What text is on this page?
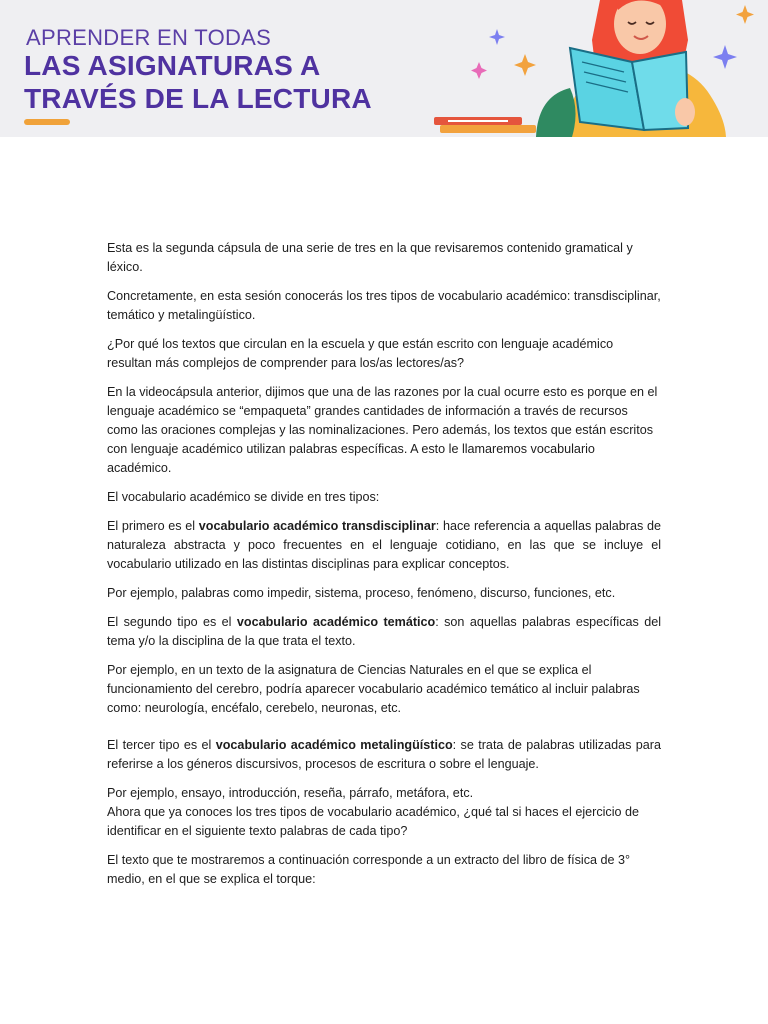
APRENDER EN TODAS
LAS ASIGNATURAS A
TRAVÉS DE LA LECTURA

Esta es la segunda cápsula de una serie de tres en la que revisaremos contenido gramatical y léxico.

Concretamente, en esta sesión conocerás los tres tipos de vocabulario académico: transdisciplinar, temático y metalingüístico.

¿Por qué los textos que circulan en la escuela y que están escrito con lenguaje académico resultan más complejos de comprender para los/as lectores/as?

En la videocápsula anterior, dijimos que una de las razones por la cual ocurre esto es porque en el lenguaje académico se “empaqueta” grandes cantidades de información a través de recursos como las oraciones complejas y las nominalizaciones. Pero además, los textos que están escritos con lenguaje académico utilizan palabras específicas. A esto le llamaremos vocabulario académico.

El vocabulario académico se divide en tres tipos:

El primero es el vocabulario académico transdisciplinar: hace referencia a aquellas palabras de naturaleza abstracta y poco frecuentes en el lenguaje cotidiano, en las que se incluye el vocabulario utilizado en las distintas disciplinas para explicar conceptos.

Por ejemplo, palabras como impedir, sistema, proceso, fenómeno, discurso, funciones, etc.

El segundo tipo es el vocabulario académico temático: son aquellas palabras específicas del tema y/o la disciplina de la que trata el texto.

Por ejemplo, en un texto de la asignatura de Ciencias Naturales en el que se explica el funcionamiento del cerebro, podría aparecer vocabulario académico temático al incluir palabras como: neurología, encéfalo, cerebelo, neuronas, etc.

El tercer tipo es el vocabulario académico metalingüístico: se trata de palabras utilizadas para referirse a los géneros discursivos, procesos de escritura o sobre el lenguaje.

Por ejemplo, ensayo, introducción, reseña, párrafo, metáfora, etc.

Ahora que ya conoces los tres tipos de vocabulario académico, ¿qué tal si haces el ejercicio de identificar en el siguiente texto palabras de cada tipo?

El texto que te mostraremos a continuación corresponde a un extracto del libro de física de 3° medio, en el que se explica el torque:
